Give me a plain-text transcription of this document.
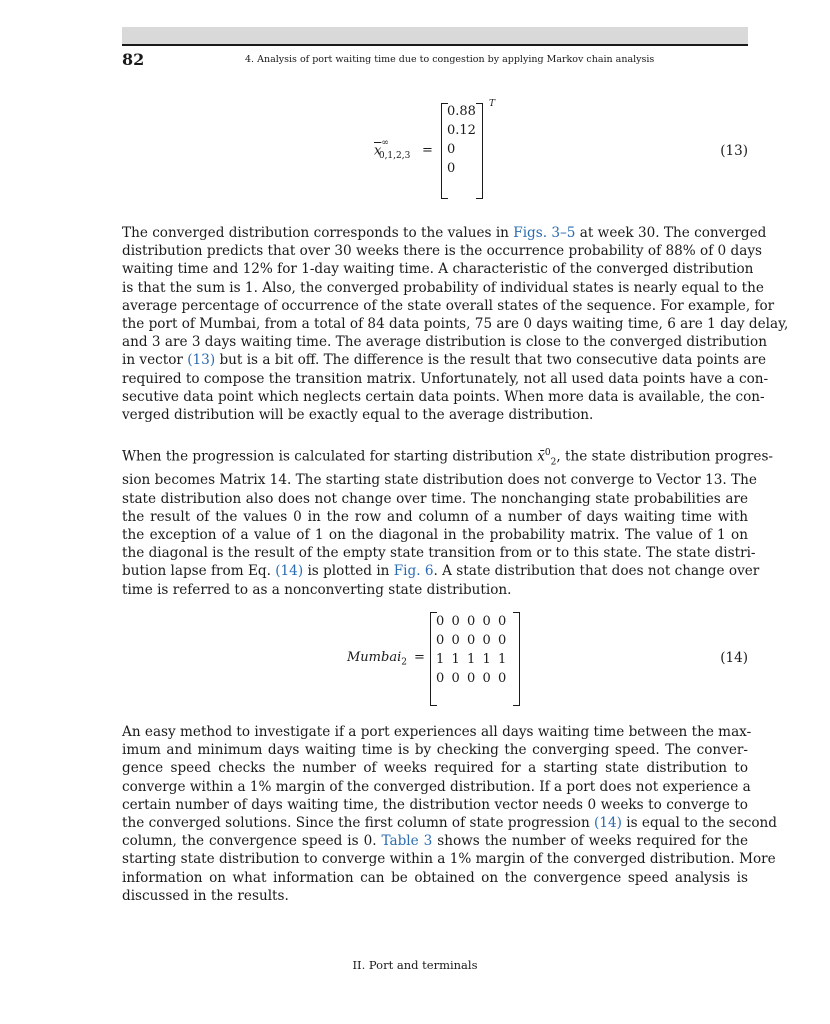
82	4. Analysis of port waiting time due to congestion by applying Markov chain analysis
$\overline{x}^\infty_{0,1,2,3}$ =
T
0.88
0.12
0
0
(13)
The converged distribution corresponds to the values in Figs. 3–5 at week 30. The converged
distribution predicts that over 30 weeks there is the occurrence probability of 88% of 0 days
waiting time and 12% for 1-day waiting time. A characteristic of the converged distribution
is that the sum is 1. Also, the converged probability of individual states is nearly equal to the
average percentage of occurrence of the state overall states of the sequence. For example, for
the port of Mumbai, from a total of 84 data points, 75 are 0 days waiting time, 6 are 1 day delay,
and 3 are 3 days waiting time. The average distribution is close to the converged distribution
in vector (13) but is a bit off. The difference is the result that two consecutive data points are
required to compose the transition matrix. Unfortunately, not all used data points have a con-
secutive data point which neglects certain data points. When more data is available, the con-
verged distribution will be exactly equal to the average distribution.
When the progression is calculated for starting distribution x̄$^0_2$, the state distribution progres-
sion becomes Matrix 14. The starting state distribution does not converge to Vector 13. The
state distribution also does not change over time. The nonchanging state probabilities are
the result of the values 0 in the row and column of a number of days waiting time with
the exception of a value of 1 on the diagonal in the probability matrix. The value of 1 on
the diagonal is the result of the empty state transition from or to this state. The state distri-
bution lapse from Eq. (14) is plotted in Fig. 6. A state distribution that does not change over
time is referred to as a nonconverting state distribution.
Mumbai$_2$ =
0 0 0 0 0
0 0 0 0 0
1 1 1 1 1
0 0 0 0 0
(14)
An easy method to investigate if a port experiences all days waiting time between the max-
imum and minimum days waiting time is by checking the converging speed. The conver-
gence speed checks the number of weeks required for a starting state distribution to
converge within a 1% margin of the converged distribution. If a port does not experience a
certain number of days waiting time, the distribution vector needs 0 weeks to converge to
the converged solutions. Since the first column of state progression (14) is equal to the second
column, the convergence speed is 0. Table 3 shows the number of weeks required for the
starting state distribution to converge within a 1% margin of the converged distribution. More
information on what information can be obtained on the convergence speed analysis is
discussed in the results.
II. Port and terminals
